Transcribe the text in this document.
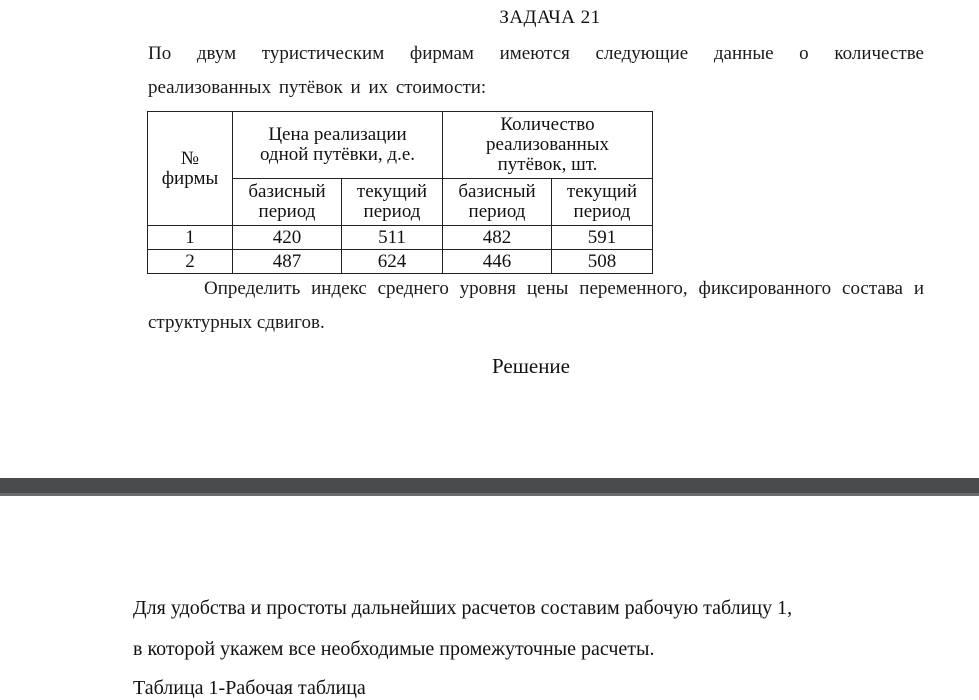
ЗАДАЧА 21
По двум туристическим фирмам имеются следующие данные о количестве
реализованных путёвок и их стоимости:
№ фирмы	Цена реализации одной путёвки, д.е.		Количество реализованных путёвок, шт.	

	базисный период	текущий период	базисный период	текущий период
1	420	511	482	591
2	487	624	446	508
Определить индекс среднего уровня цены переменного, фиксированного состава и структурных сдвигов.
Решение
Для удобства и простоты дальнейших расчетов составим рабочую таблицу 1,
в которой укажем все необходимые промежуточные расчеты.
Таблица 1-Рабочая таблица
